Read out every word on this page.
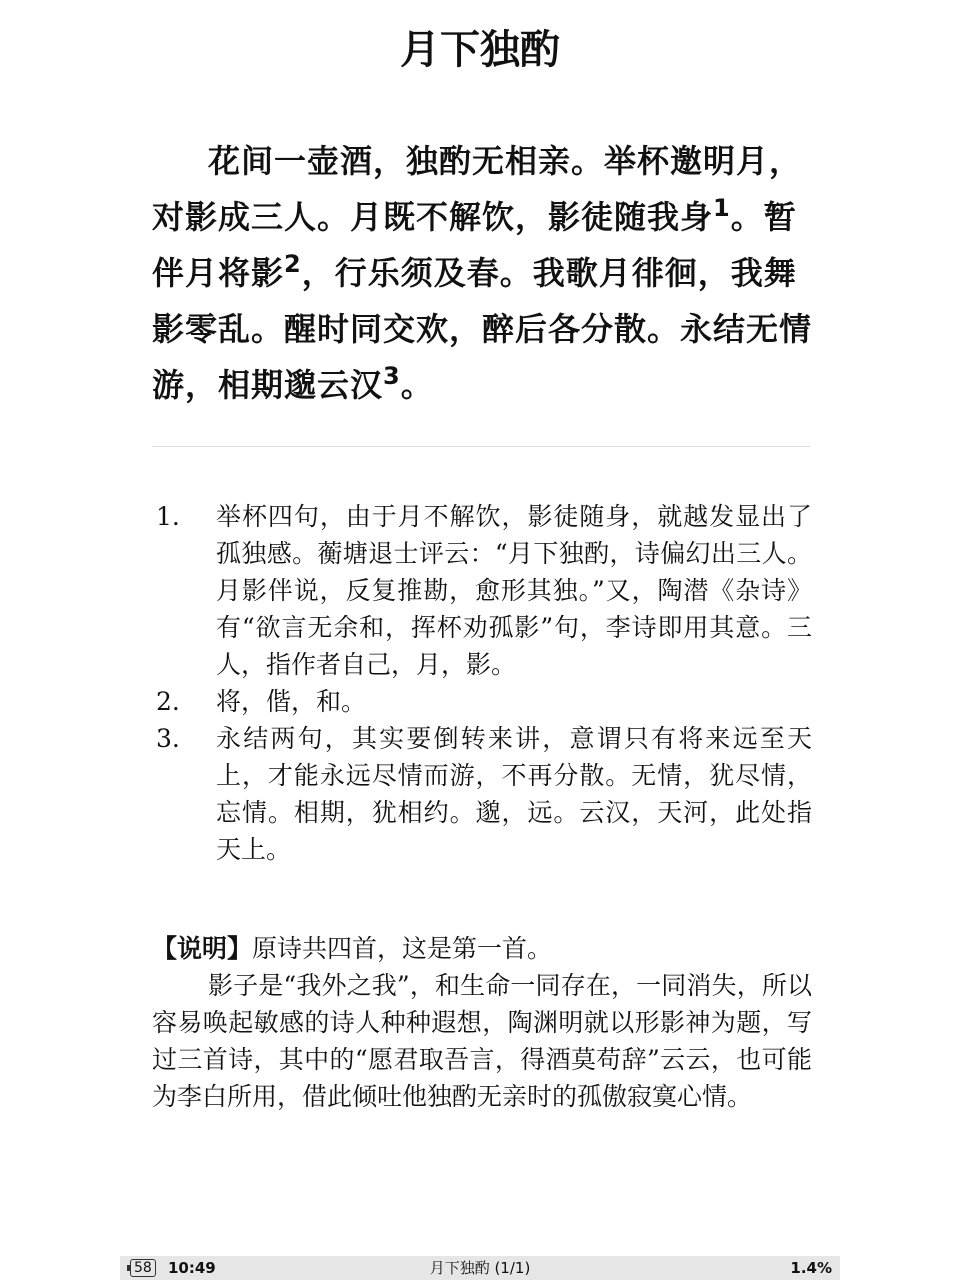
月下独酌

花间一壶酒，独酌无相亲。举杯邀明月，对影成三人。月既不解饮，影徒随我身$^1$。暂伴月将影$^2$，行乐须及春。我歌月徘徊，我舞影零乱。醒时同交欢，醉后各分散。永结无情游，相期邈云汉$^3$。

1. 举杯四句，由于月不解饮，影徒随身，就越发显出了孤独感。蘅塘退士评云：“月下独酌，诗偏幻出三人。月影伴说，反复推勘，愈形其独。”又，陶潜《杂诗》有“欲言无余和，挥杯劝孤影”句，李诗即用其意。三人，指作者自己，月，影。
2. 将，偕，和。
3. 永结两句，其实要倒转来讲，意谓只有将来远至天上，才能永远尽情而游，不再分散。无情，犹尽情，忘情。相期，犹相约。邈，远。云汉，天河，此处指天上。
【说明】原诗共四首，这是第一首。
影子是“我外之我”，和生命一同存在，一同消失，所以容易唤起敏感的诗人种种遐想，陶渊明就以形影神为题，写过三首诗，其中的“愿君取吾言，得酒莫苟辞”云云，也可能为李白所用，借此倾吐他独酌无亲时的孤傲寂寞心情。
58 10:49	月下独酌 (1/1)	1.4%
